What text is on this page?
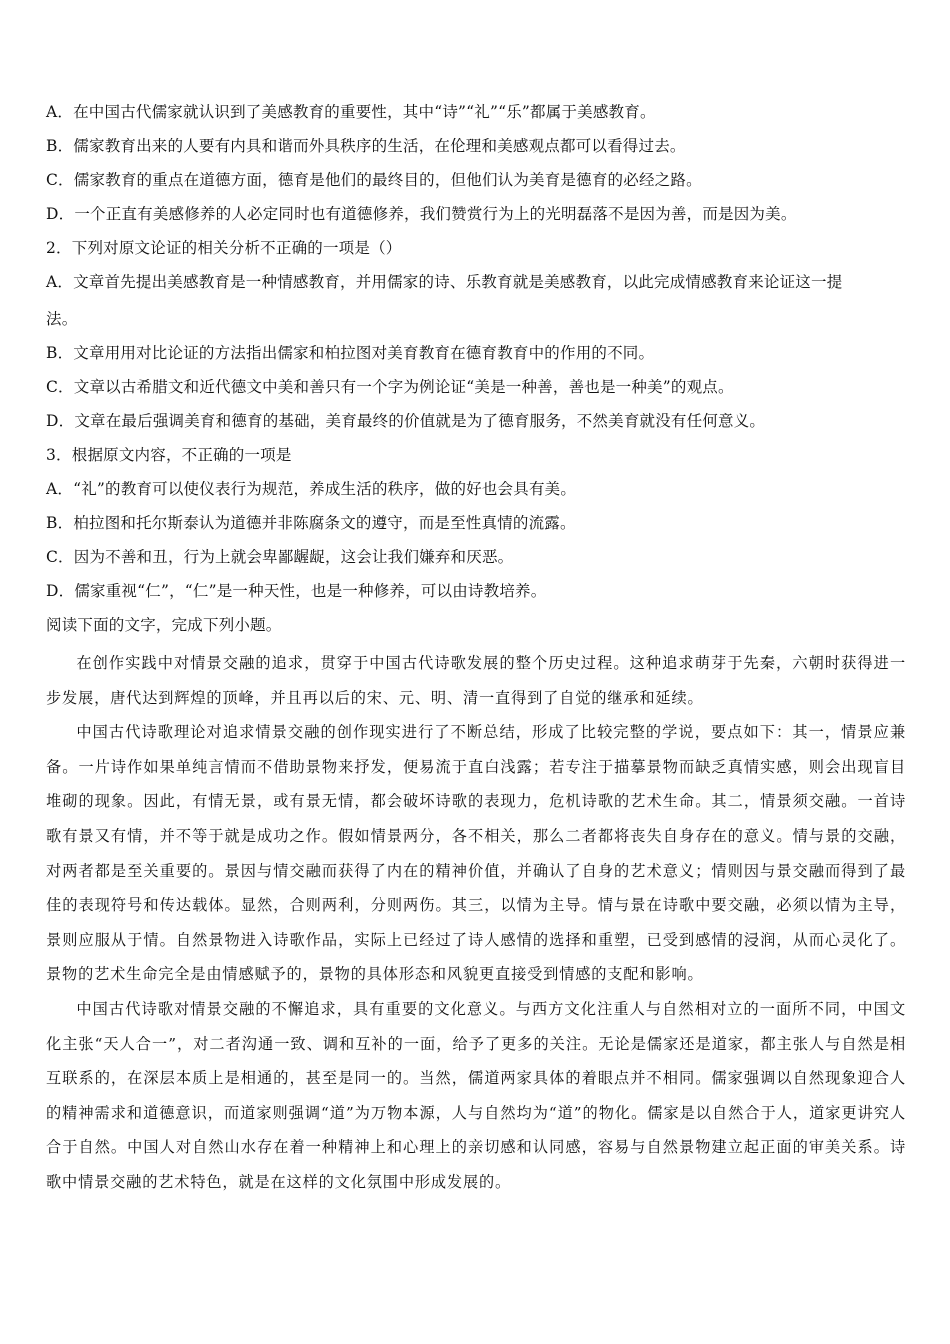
A．在中国古代儒家就认识到了美感教育的重要性，其中“诗”“礼”“乐”都属于美感教育。
B．儒家教育出来的人要有内具和谐而外具秩序的生活，在伦理和美感观点都可以看得过去。
C．儒家教育的重点在道德方面，德育是他们的最终目的，但他们认为美育是德育的必经之路。
D．一个正直有美感修养的人必定同时也有道德修养，我们赞赏行为上的光明磊落不是因为善，而是因为美。
2．下列对原文论证的相关分析不正确的一项是（）
A．文章首先提出美感教育是一种情感教育，并用儒家的诗、乐教育就是美感教育，以此完成情感教育来论证这一提
法。
B．文章用用对比论证的方法指出儒家和柏拉图对美育教育在德育教育中的作用的不同。
C．文章以古希腊文和近代德文中美和善只有一个字为例论证“美是一种善，善也是一种美”的观点。
D．文章在最后强调美育和德育的基础，美育最终的价值就是为了德育服务，不然美育就没有任何意义。
3．根据原文内容，不正确的一项是
A．“礼”的教育可以使仪表行为规范，养成生活的秩序，做的好也会具有美。
B．柏拉图和托尔斯泰认为道德并非陈腐条文的遵守，而是至性真情的流露。
C．因为不善和丑，行为上就会卑鄙龌龊，这会让我们嫌弃和厌恶。
D．儒家重视“仁”，“仁”是一种天性，也是一种修养，可以由诗教培养。
阅读下面的文字，完成下列小题。

在创作实践中对情景交融的追求，贯穿于中国古代诗歌发展的整个历史过程。这种追求萌芽于先秦，六朝时获得进一步发展，唐代达到辉煌的顶峰，并且再以后的宋、元、明、清一直得到了自觉的继承和延续。

中国古代诗歌理论对追求情景交融的创作现实进行了不断总结，形成了比较完整的学说，要点如下：其一，情景应兼备。一片诗作如果单纯言情而不借助景物来抒发，便易流于直白浅露；若专注于描摹景物而缺乏真情实感，则会出现盲目堆砌的现象。因此，有情无景，或有景无情，都会破坏诗歌的表现力，危机诗歌的艺术生命。其二，情景须交融。一首诗歌有景又有情，并不等于就是成功之作。假如情景两分，各不相关，那么二者都将丧失自身存在的意义。情与景的交融，对两者都是至关重要的。景因与情交融而获得了内在的精神价值，并确认了自身的艺术意义；情则因与景交融而得到了最佳的表现符号和传达载体。显然，合则两利，分则两伤。其三，以情为主导。情与景在诗歌中要交融，必须以情为主导，景则应服从于情。自然景物进入诗歌作品，实际上已经过了诗人感情的选择和重塑，已受到感情的浸润，从而心灵化了。景物的艺术生命完全是由情感赋予的，景物的具体形态和风貌更直接受到情感的支配和影响。

中国古代诗歌对情景交融的不懈追求，具有重要的文化意义。与西方文化注重人与自然相对立的一面所不同，中国文化主张“天人合一”，对二者沟通一致、调和互补的一面，给予了更多的关注。无论是儒家还是道家，都主张人与自然是相互联系的，在深层本质上是相通的，甚至是同一的。当然，儒道两家具体的着眼点并不相同。儒家强调以自然现象迎合人的精神需求和道德意识，而道家则强调“道”为万物本源，人与自然均为“道”的物化。儒家是以自然合于人，道家更讲究人合于自然。中国人对自然山水存在着一种精神上和心理上的亲切感和认同感，容易与自然景物建立起正面的审美关系。诗歌中情景交融的艺术特色，就是在这样的文化氛围中形成发展的。
